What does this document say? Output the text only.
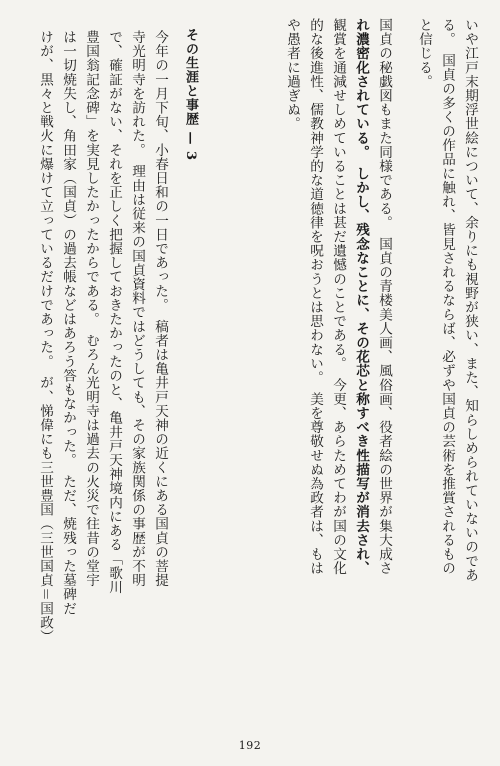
いや江戸末期浮世絵について、余りにも視野が狭い、また、知らしめられていないのであ
る。　国貞の多くの作品に触れ、皆見されるならば、必ずや国貞の芸術を推賞されるもの
と信じる。
国貞の秘戯図もまた同様である。　国貞の青楼美人画、風俗画、役者絵の世界が集大成さ
れ濃密化されている。　しかし、残念なことに、その花芯と称すべき性描写が消去され、
観賞を通減せしめていることは甚だ遺憾のことである。　今更、あらためてわが国の文化
的な後進性、儒教神学的な道徳律を呪おうとは思わない。　美を尊敬せぬ為政者は、もは
や愚者に過ぎぬ。
その生涯と事歴 — 3
今年の一月下旬、小春日和の一日であった。　稿者は亀井戸天神の近くにある国貞の菩提
寺光明寺を訪れた。　理由は従来の国貞資料ではどうしても、その家族関係の事歴が不明
で、確証がない、それを正しく把握しておきたかったのと、亀井戸天神境内にある「歌川
豊国翁記念碑」を実見したかったからである。　むろん光明寺は過去の火災で往昔の堂宇
は一切焼失し、角田家（国貞）の過去帳などはあろう答もなかった。　ただ、焼残った墓碑だ
けが、黒々と戦火に爆けて立っているだけであった。　が、悌偉にも三世豊国（三世国貞＝国政）
192
